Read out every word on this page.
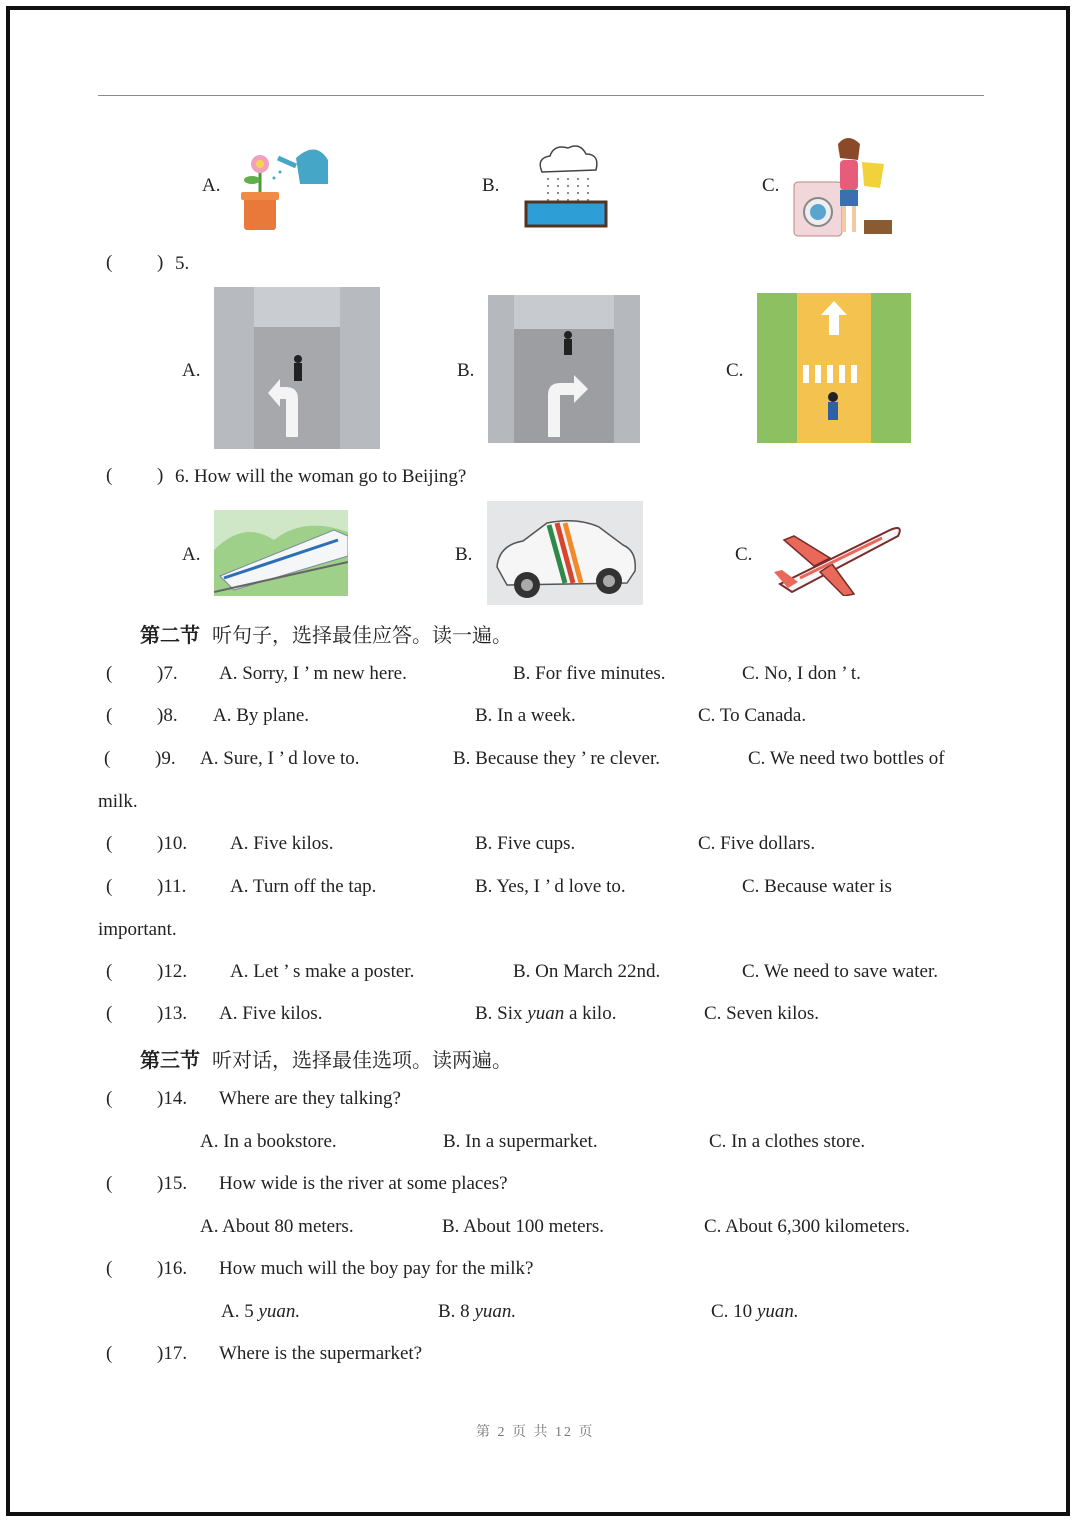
A.	B.	C.
( ) 5.
A.	B.	C.
( ) 6. How will the woman go to Beijing?
A.	B.	C.
第二节 听句子，选择最佳应答。读一遍。
( )7. A. Sorry, I ’ m new here.	B. For five minutes.	C. No, I don ’ t.
( )8. A. By plane.	B. In a week.	C. To Canada.
( )9. A. Sure, I ’ d love to.	B. Because they ’ re clever.	C. We need two bottles of
milk.
( )10. A. Five kilos.	B. Five cups.	C. Five dollars.
( )11. A. Turn off the tap.	B. Yes, I ’ d love to.	C. Because water is
important.
( )12. A. Let ’ s make a poster.	B. On March 22nd.	C. We need to save water.
( )13. A. Five kilos.	B. Six yuan a kilo.	C. Seven kilos.
第三节 听对话，选择最佳选项。读两遍。
( )14. Where are they talking?
A. In a bookstore.	B. In a supermarket.	C. In a clothes store.
( )15. How wide is the river at some places?
A. About 80 meters.	B. About 100 meters.	C. About 6,300 kilometers.
( )16. How much will the boy pay for the milk?
A. 5 yuan.	B. 8 yuan.	C. 10 yuan.
( )17. Where is the supermarket?
第 2 页 共 12 页
